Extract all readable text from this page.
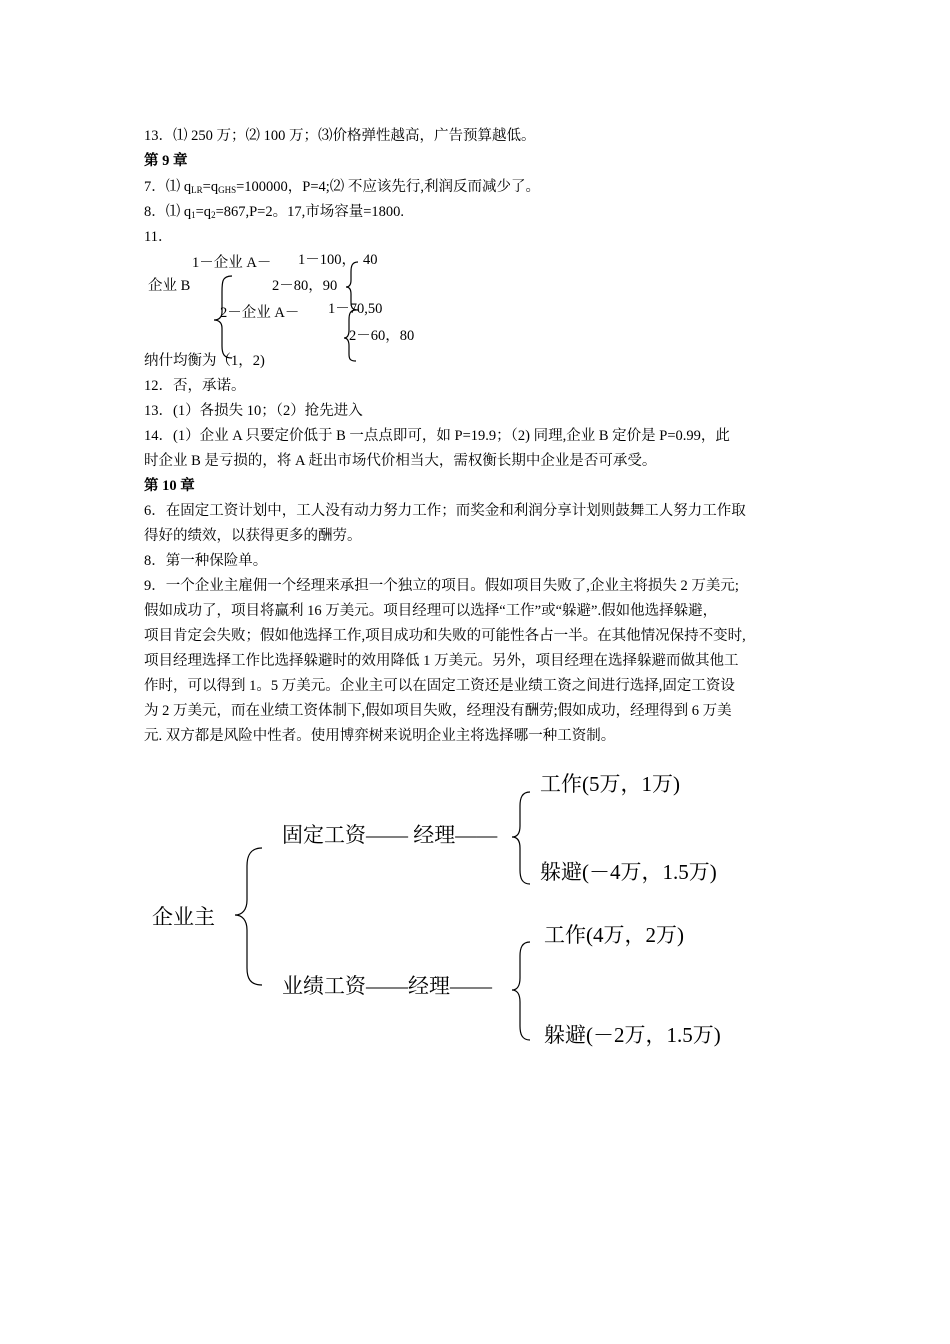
13．⑴ 250 万；⑵ 100 万；⑶价格弹性越高，广告预算越低。
第 9 章
7．⑴ $q_{LR}=q_{GHS}=100000$，P=4;⑵ 不应该先行,利润反而减少了。
8．⑴ $q_1=q_2=867,P=2$。17,市场容量=1800.
11．
1－企业 A－ 1－100， 40
企业 B	2－80，90
2－企业 A－ 1－70,50
2－60，80
纳什均衡为（1，2)
12．否，承诺。
13．(1）各损失 10；（2）抢先进入
14．(1）企业 A 只要定价低于 B 一点点即可，如 P=19.9；（2) 同理,企业 B 定价是 P=0.99，此
时企业 B 是亏损的，将 A 赶出市场代价相当大，需权衡长期中企业是否可承受。
第 10 章
6．在固定工资计划中，工人没有动力努力工作；而奖金和利润分享计划则鼓舞工人努力工作取
得好的绩效，以获得更多的酬劳。
8．第一种保险单。
9．一个企业主雇佣一个经理来承担一个独立的项目。假如项目失败了,企业主将损失 2 万美元;
假如成功了，项目将赢利 16 万美元。项目经理可以选择“工作”或“躲避”.假如他选择躲避，
项目肯定会失败；假如他选择工作,项目成功和失败的可能性各占一半。在其他情况保持不变时,
项目经理选择工作比选择躲避时的效用降低 1 万美元。另外，项目经理在选择躲避而做其他工
作时，可以得到 1。5 万美元。企业主可以在固定工资还是业绩工资之间进行选择,固定工资设
为 2 万美元，而在业绩工资体制下,假如项目失败，经理没有酬劳;假如成功，经理得到 6 万美
元. 双方都是风险中性者。使用博弈树来说明企业主将选择哪一种工资制。
工作(5万，1万)
固定工资—— 经理——
躲避(－4万，1.5万)
企业主
工作(4万，2万)
业绩工资——经理——
躲避(－2万，1.5万)
